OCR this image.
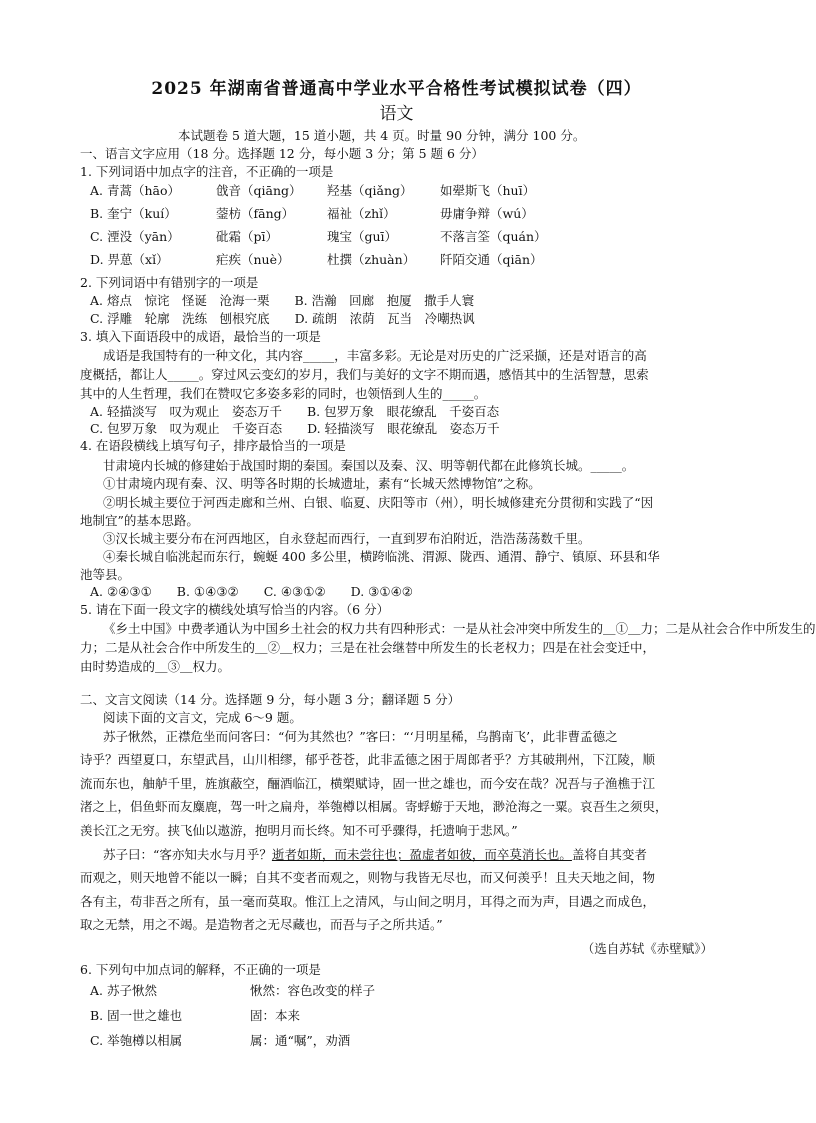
2025 年湖南省普通高中学业水平合格性考试模拟试卷（四）
语文
本试题卷 5 道大题，15 道小题，共 4 页。时量 90 分钟，满分 100 分。
一、语言文字应用（18 分。选择题 12 分，每小题 3 分；第 5 题 6 分）
1. 下列词语中加点字的注音，不正确的一项是
A. 青蒿（hāo）	戗音（qiāng） 羟基（qiǎng） 如翚斯飞（huī）
B. 奎宁（kuí）	蓥枋（fāng）	福祉（zhǐ）	毋庸争辩（wú）
C. 湮没（yān）	砒霜（pī）	瑰宝（guī）	不落言筌（quán）
D. 畀葸（xǐ）	疟疾（nuè）	杜撰（zhuàn） 阡陌交通（qiān）
2. 下列词语中有错别字的一项是
A. 熔点　惊诧　怪诞　沧海一栗　　B. 浩瀚　回廊　抱厦　撒手人寰
C. 浮雕　轮廓　洗练　刨根究底　　D. 疏朗　浓荫　瓦当　冷嘲热讽
3. 填入下面语段中的成语，最恰当的一项是
成语是我国特有的一种文化，其内容_____，丰富多彩。无论是对历史的广泛采撷，还是对语言的高
度概括，都让人_____。穿过风云变幻的岁月，我们与美好的文字不期而遇，感悟其中的生活智慧，思索
其中的人生哲理，我们在赞叹它多姿多彩的同时，也领悟到人生的_____。
A. 轻描淡写　叹为观止　姿态万千　　B. 包罗万象　眼花缭乱　千姿百态
C. 包罗万象　叹为观止　千姿百态　　D. 轻描淡写　眼花缭乱　姿态万千
4. 在语段横线上填写句子，排序最恰当的一项是
甘肃境内长城的修建始于战国时期的秦国。秦国以及秦、汉、明等朝代都在此修筑长城。_____。
①甘肃境内现有秦、汉、明等各时期的长城遗址，素有“长城天然博物馆”之称。
②明长城主要位于河西走廊和兰州、白银、临夏、庆阳等市（州），明长城修建充分贯彻和实践了“因
地制宜”的基本思路。
③汉长城主要分布在河西地区，自永登起而西行，一直到罗布泊附近，浩浩荡荡数千里。
④秦长城自临洮起而东行，蜿蜒 400 多公里，横跨临洮、渭源、陇西、通渭、静宁、镇原、环县和华
池等县。
A. ②④③①　　B. ①④③②　　C. ④③①②　　D. ③①④②
5. 请在下面一段文字的横线处填写恰当的内容。（6 分）
《乡土中国》中费孝通认为中国乡土社会的权力共有四种形式：一是从社会冲突中所发生的＿①＿力；二是从社会合作中所发生的
力；二是从社会合作中所发生的＿②＿权力；三是在社会继替中所发生的长老权力；四是在社会变迁中，
由时势造成的＿③＿权力。
二、文言文阅读（14 分。选择题 9 分，每小题 3 分；翻译题 5 分）
阅读下面的文言文，完成 6～9 题。
苏子愀然，正襟危坐而问客曰：“何为其然也？”客曰：“‘月明星稀，乌鹊南飞’，此非曹孟德之
诗乎？西望夏口，东望武昌，山川相缪，郁乎苍苍，此非孟德之困于周郎者乎？方其破荆州，下江陵，顺
流而东也，舳舻千里，旌旗蔽空，酾酒临江，横槊赋诗，固一世之雄也，而今安在哉？况吾与子渔樵于江
渚之上，侣鱼虾而友麋鹿，驾一叶之扁舟，举匏樽以相属。寄蜉蝣于天地，渺沧海之一粟。哀吾生之须臾，
羡长江之无穷。挟飞仙以遨游，抱明月而长终。知不可乎骤得，托遗响于悲风。”
苏子曰：“客亦知夫水与月乎？逝者如斯，而未尝往也；盈虚者如彼，而卒莫消长也。盖将自其变者
而观之，则天地曾不能以一瞬；自其不变者而观之，则物与我皆无尽也，而又何羡乎！且夫天地之间，物
各有主，苟非吾之所有，虽一毫而莫取。惟江上之清风，与山间之明月，耳得之而为声，目遇之而成色，
取之无禁，用之不竭。是造物者之无尽藏也，而吾与子之所共适。”
（选自苏轼《赤壁赋》）
6. 下列句中加点词的解释，不正确的一项是
A. 苏子愀然	愀然：容色改变的样子
B. 固一世之雄也	固：本来
C. 举匏樽以相属	属：通“嘱”，劝酒
